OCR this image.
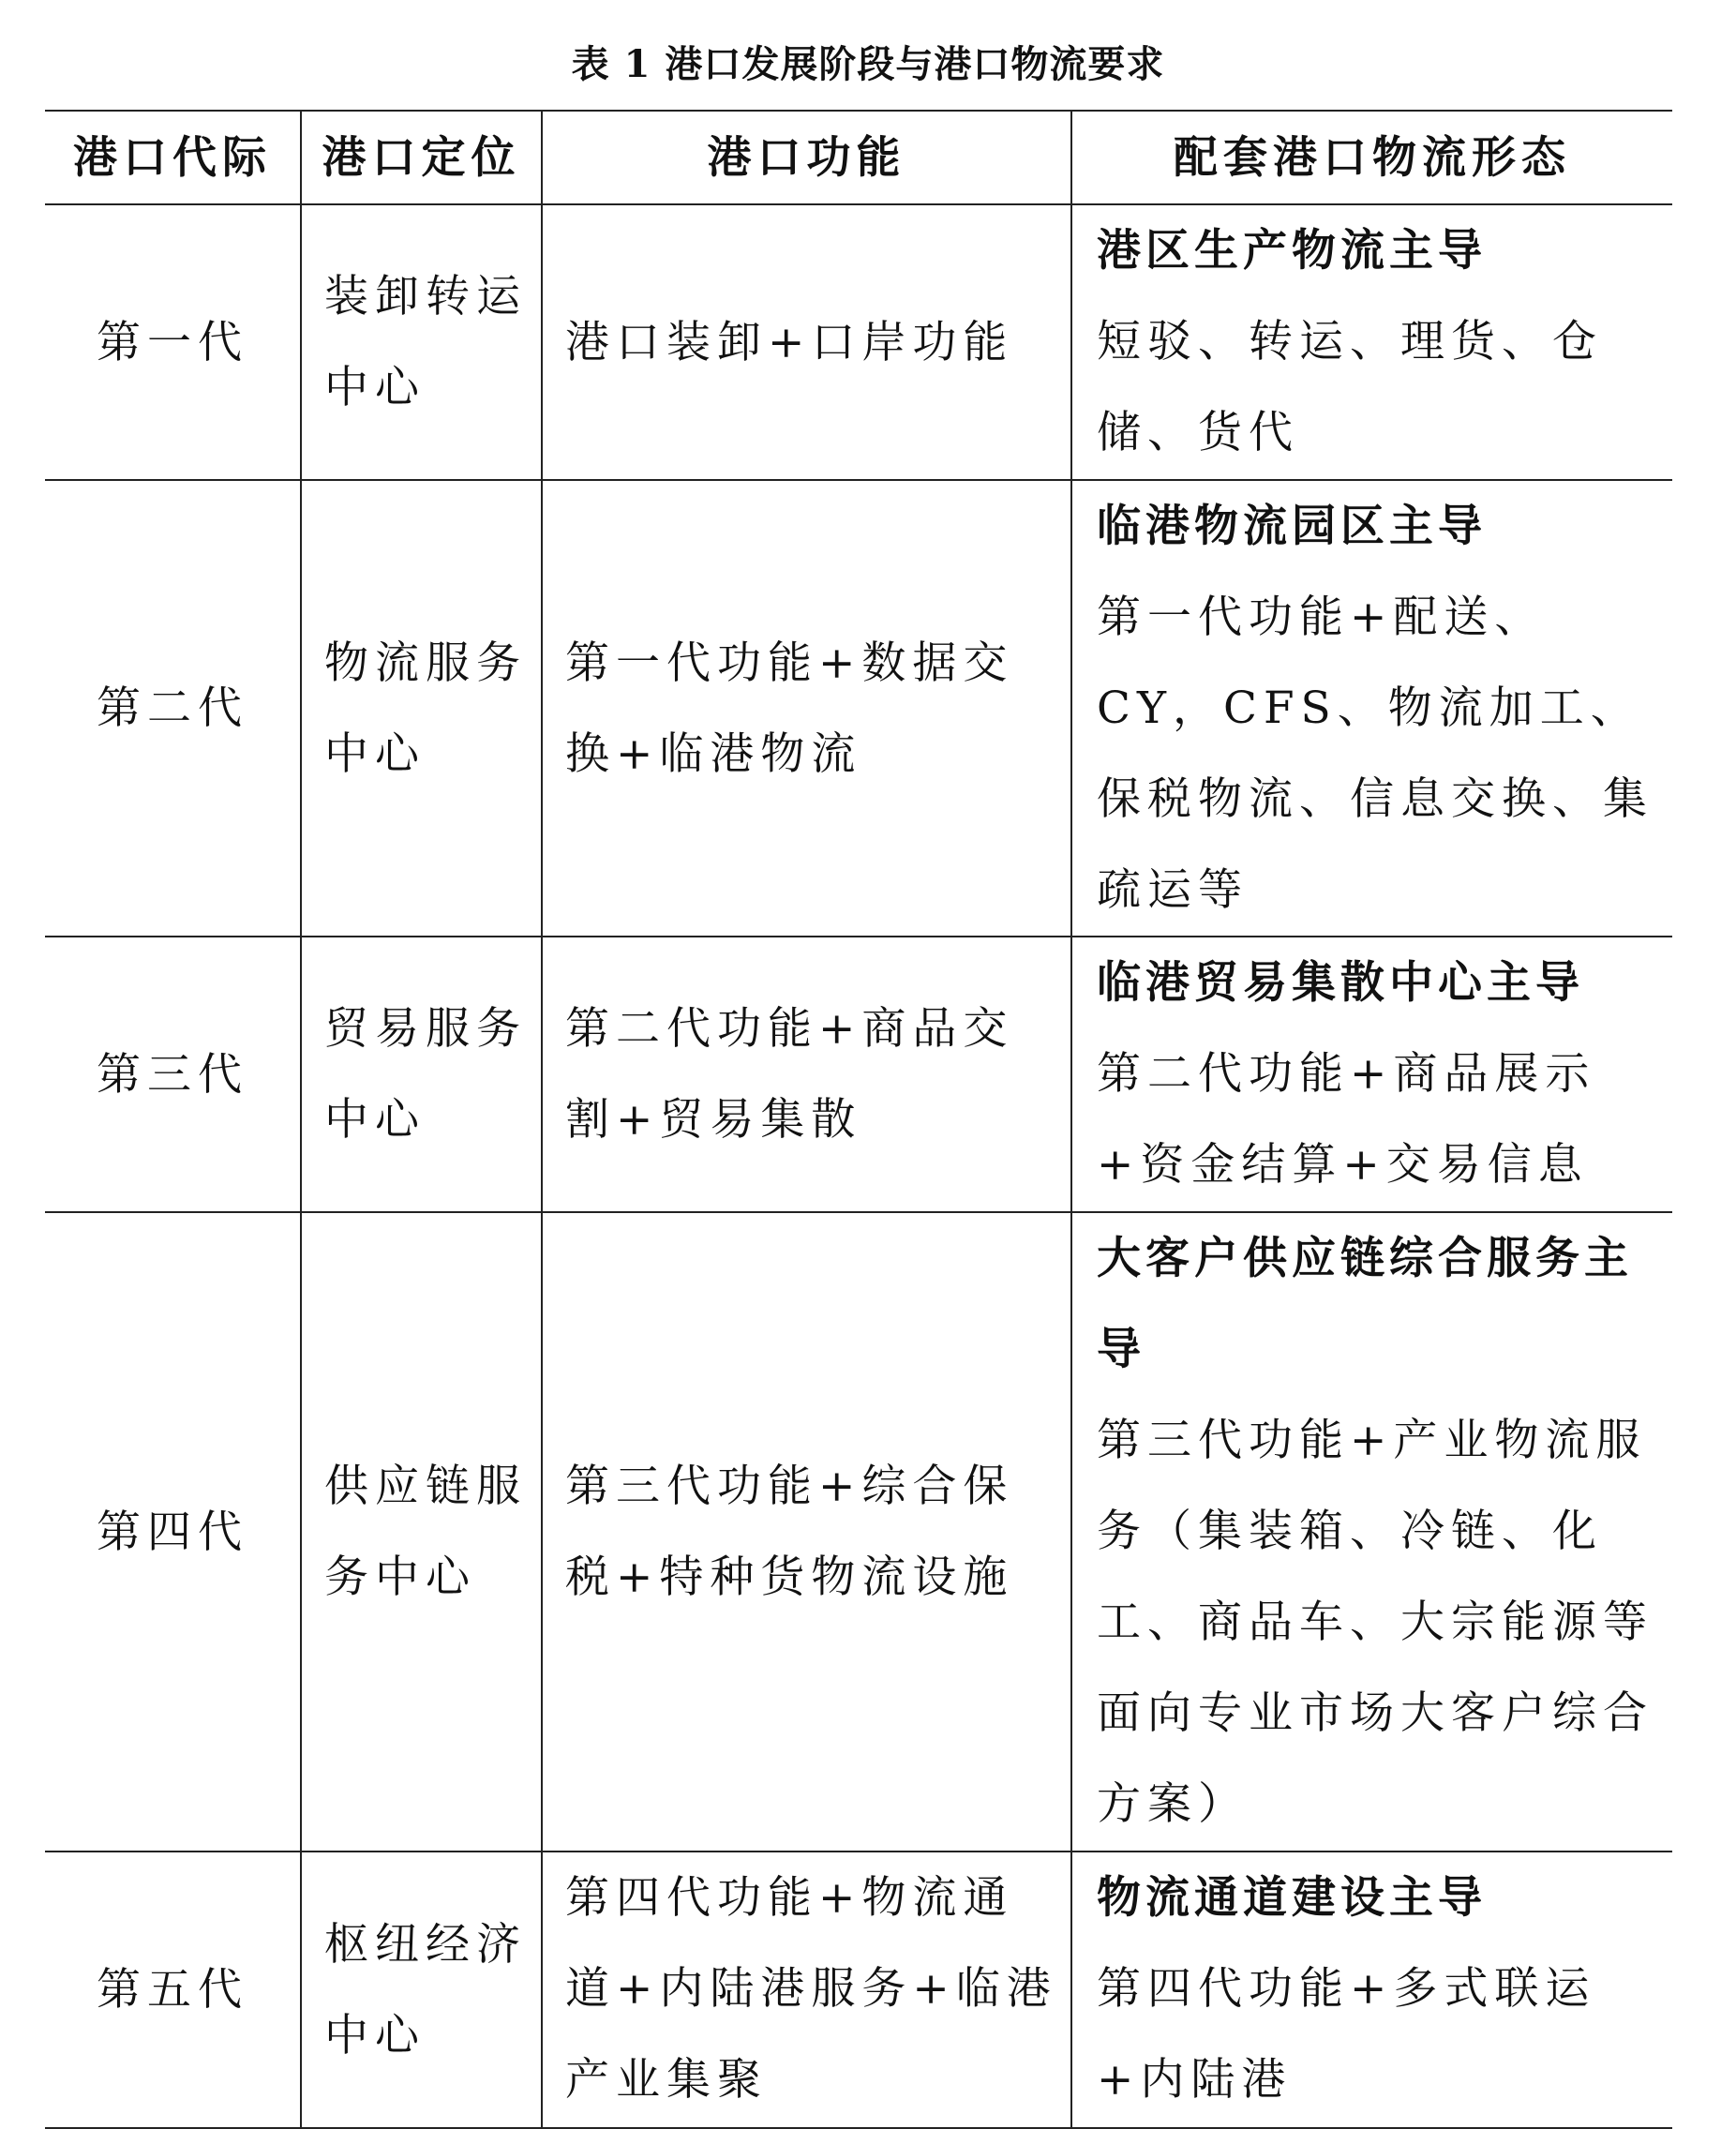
表 1 港口发展阶段与港口物流要求
港口代际	港口定位	港口功能	配套港口物流形态
第一代	装卸转运中心	港口装卸+口岸功能	港区生产物流主导
短驳、转运、理货、仓储、货代

第二代	物流服务中心	第一代功能+数据交换+临港物流	临港物流园区主导
第一代功能+配送、CY，CFS、物流加工、保税物流、信息交换、集疏运等

第三代	贸易服务中心	第二代功能+商品交割+贸易集散	临港贸易集散中心主导
第二代功能+商品展示+资金结算+交易信息

第四代	供应链服务中心	第三代功能+综合保税+特种货物流设施	大客户供应链综合服务主导
第三代功能+产业物流服务（集装箱、冷链、化工、商品车、大宗能源等面向专业市场大客户综合方案）

第五代	枢纽经济中心	第四代功能+物流通道+内陆港服务+临港产业集聚	物流通道建设主导
第四代功能+多式联运+内陆港
